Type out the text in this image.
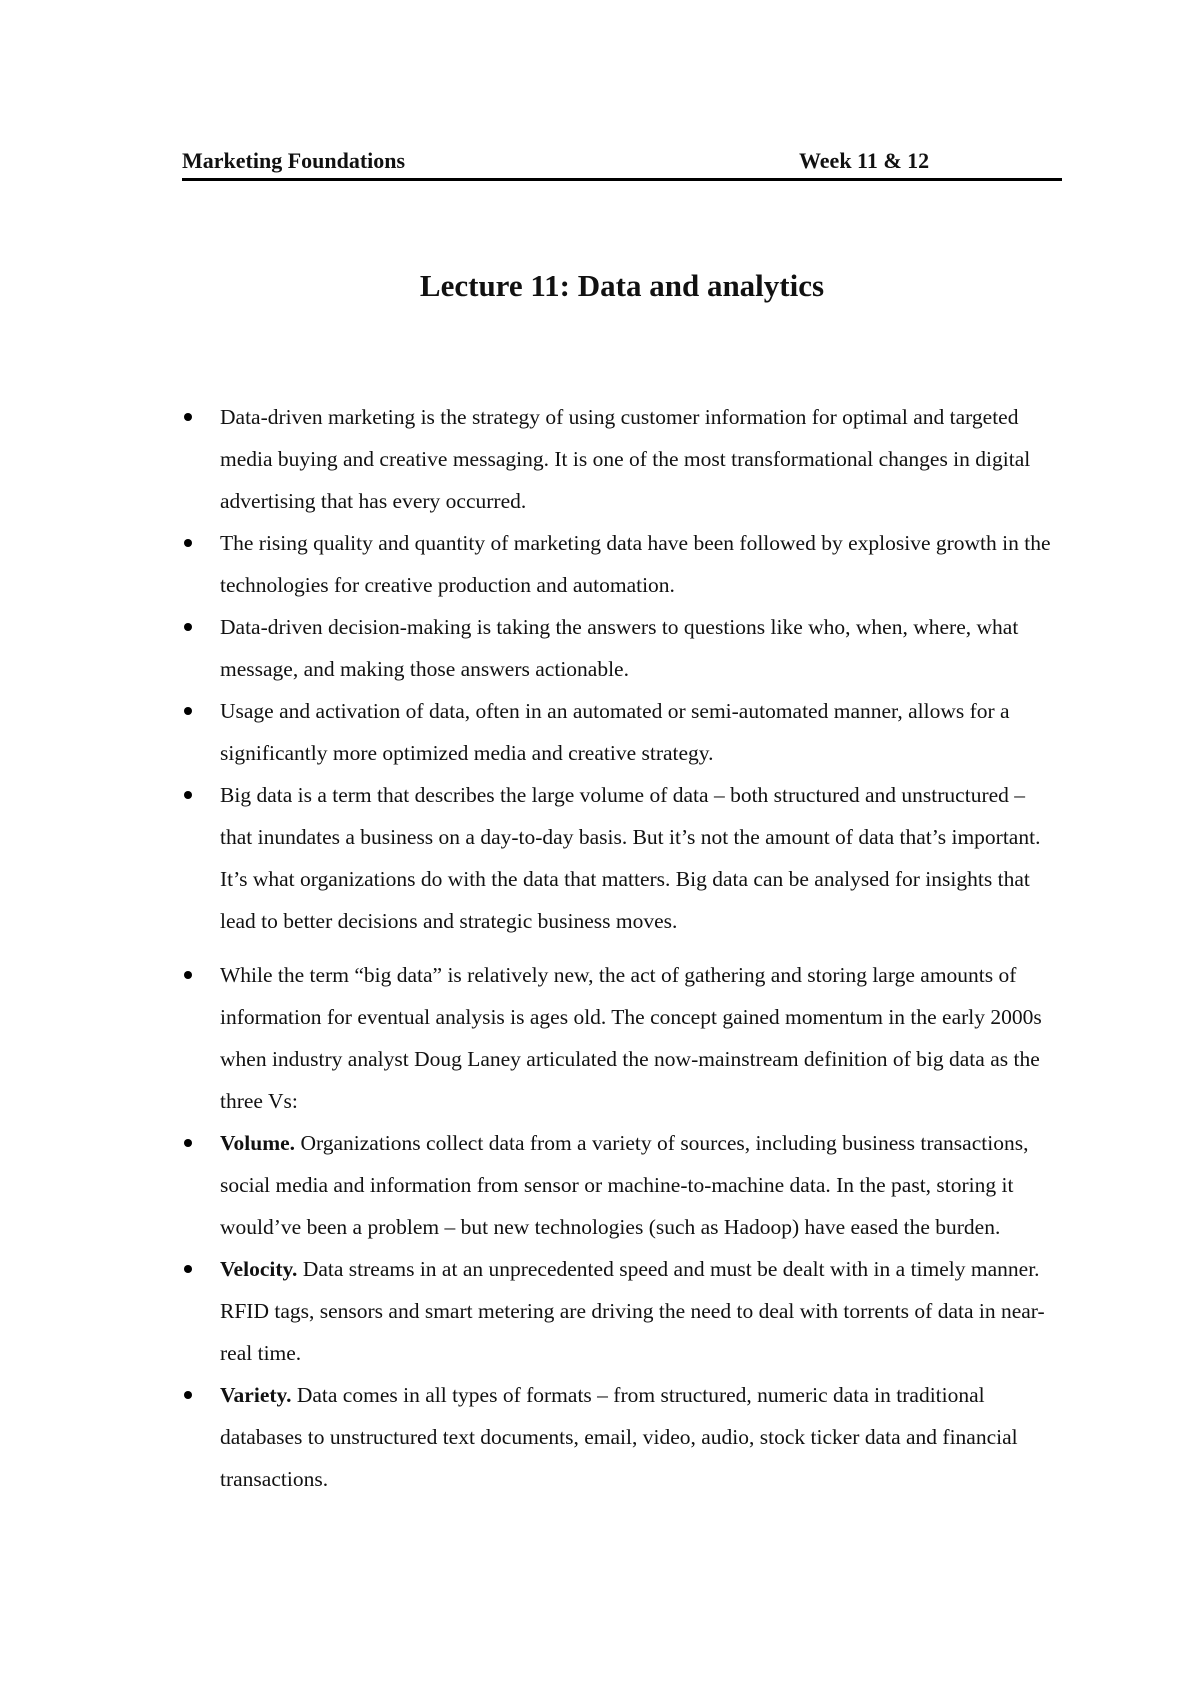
Marketing Foundations	Week 11 & 12
Lecture 11: Data and analytics
Data-driven marketing is the strategy of using customer information for optimal and targeted media buying and creative messaging. It is one of the most transformational changes in digital advertising that has every occurred.
The rising quality and quantity of marketing data have been followed by explosive growth in the technologies for creative production and automation.
Data-driven decision-making is taking the answers to questions like who, when, where, what message, and making those answers actionable.
Usage and activation of data, often in an automated or semi-automated manner, allows for a significantly more optimized media and creative strategy.
Big data is a term that describes the large volume of data – both structured and unstructured – that inundates a business on a day-to-day basis. But it’s not the amount of data that’s important. It’s what organizations do with the data that matters. Big data can be analysed for insights that lead to better decisions and strategic business moves.
While the term “big data” is relatively new, the act of gathering and storing large amounts of information for eventual analysis is ages old. The concept gained momentum in the early 2000s when industry analyst Doug Laney articulated the now-mainstream definition of big data as the three Vs:
Volume. Organizations collect data from a variety of sources, including business transactions, social media and information from sensor or machine-to-machine data. In the past, storing it would’ve been a problem – but new technologies (such as Hadoop) have eased the burden.
Velocity. Data streams in at an unprecedented speed and must be dealt with in a timely manner. RFID tags, sensors and smart metering are driving the need to deal with torrents of data in near-real time.
Variety. Data comes in all types of formats – from structured, numeric data in traditional databases to unstructured text documents, email, video, audio, stock ticker data and financial transactions.
